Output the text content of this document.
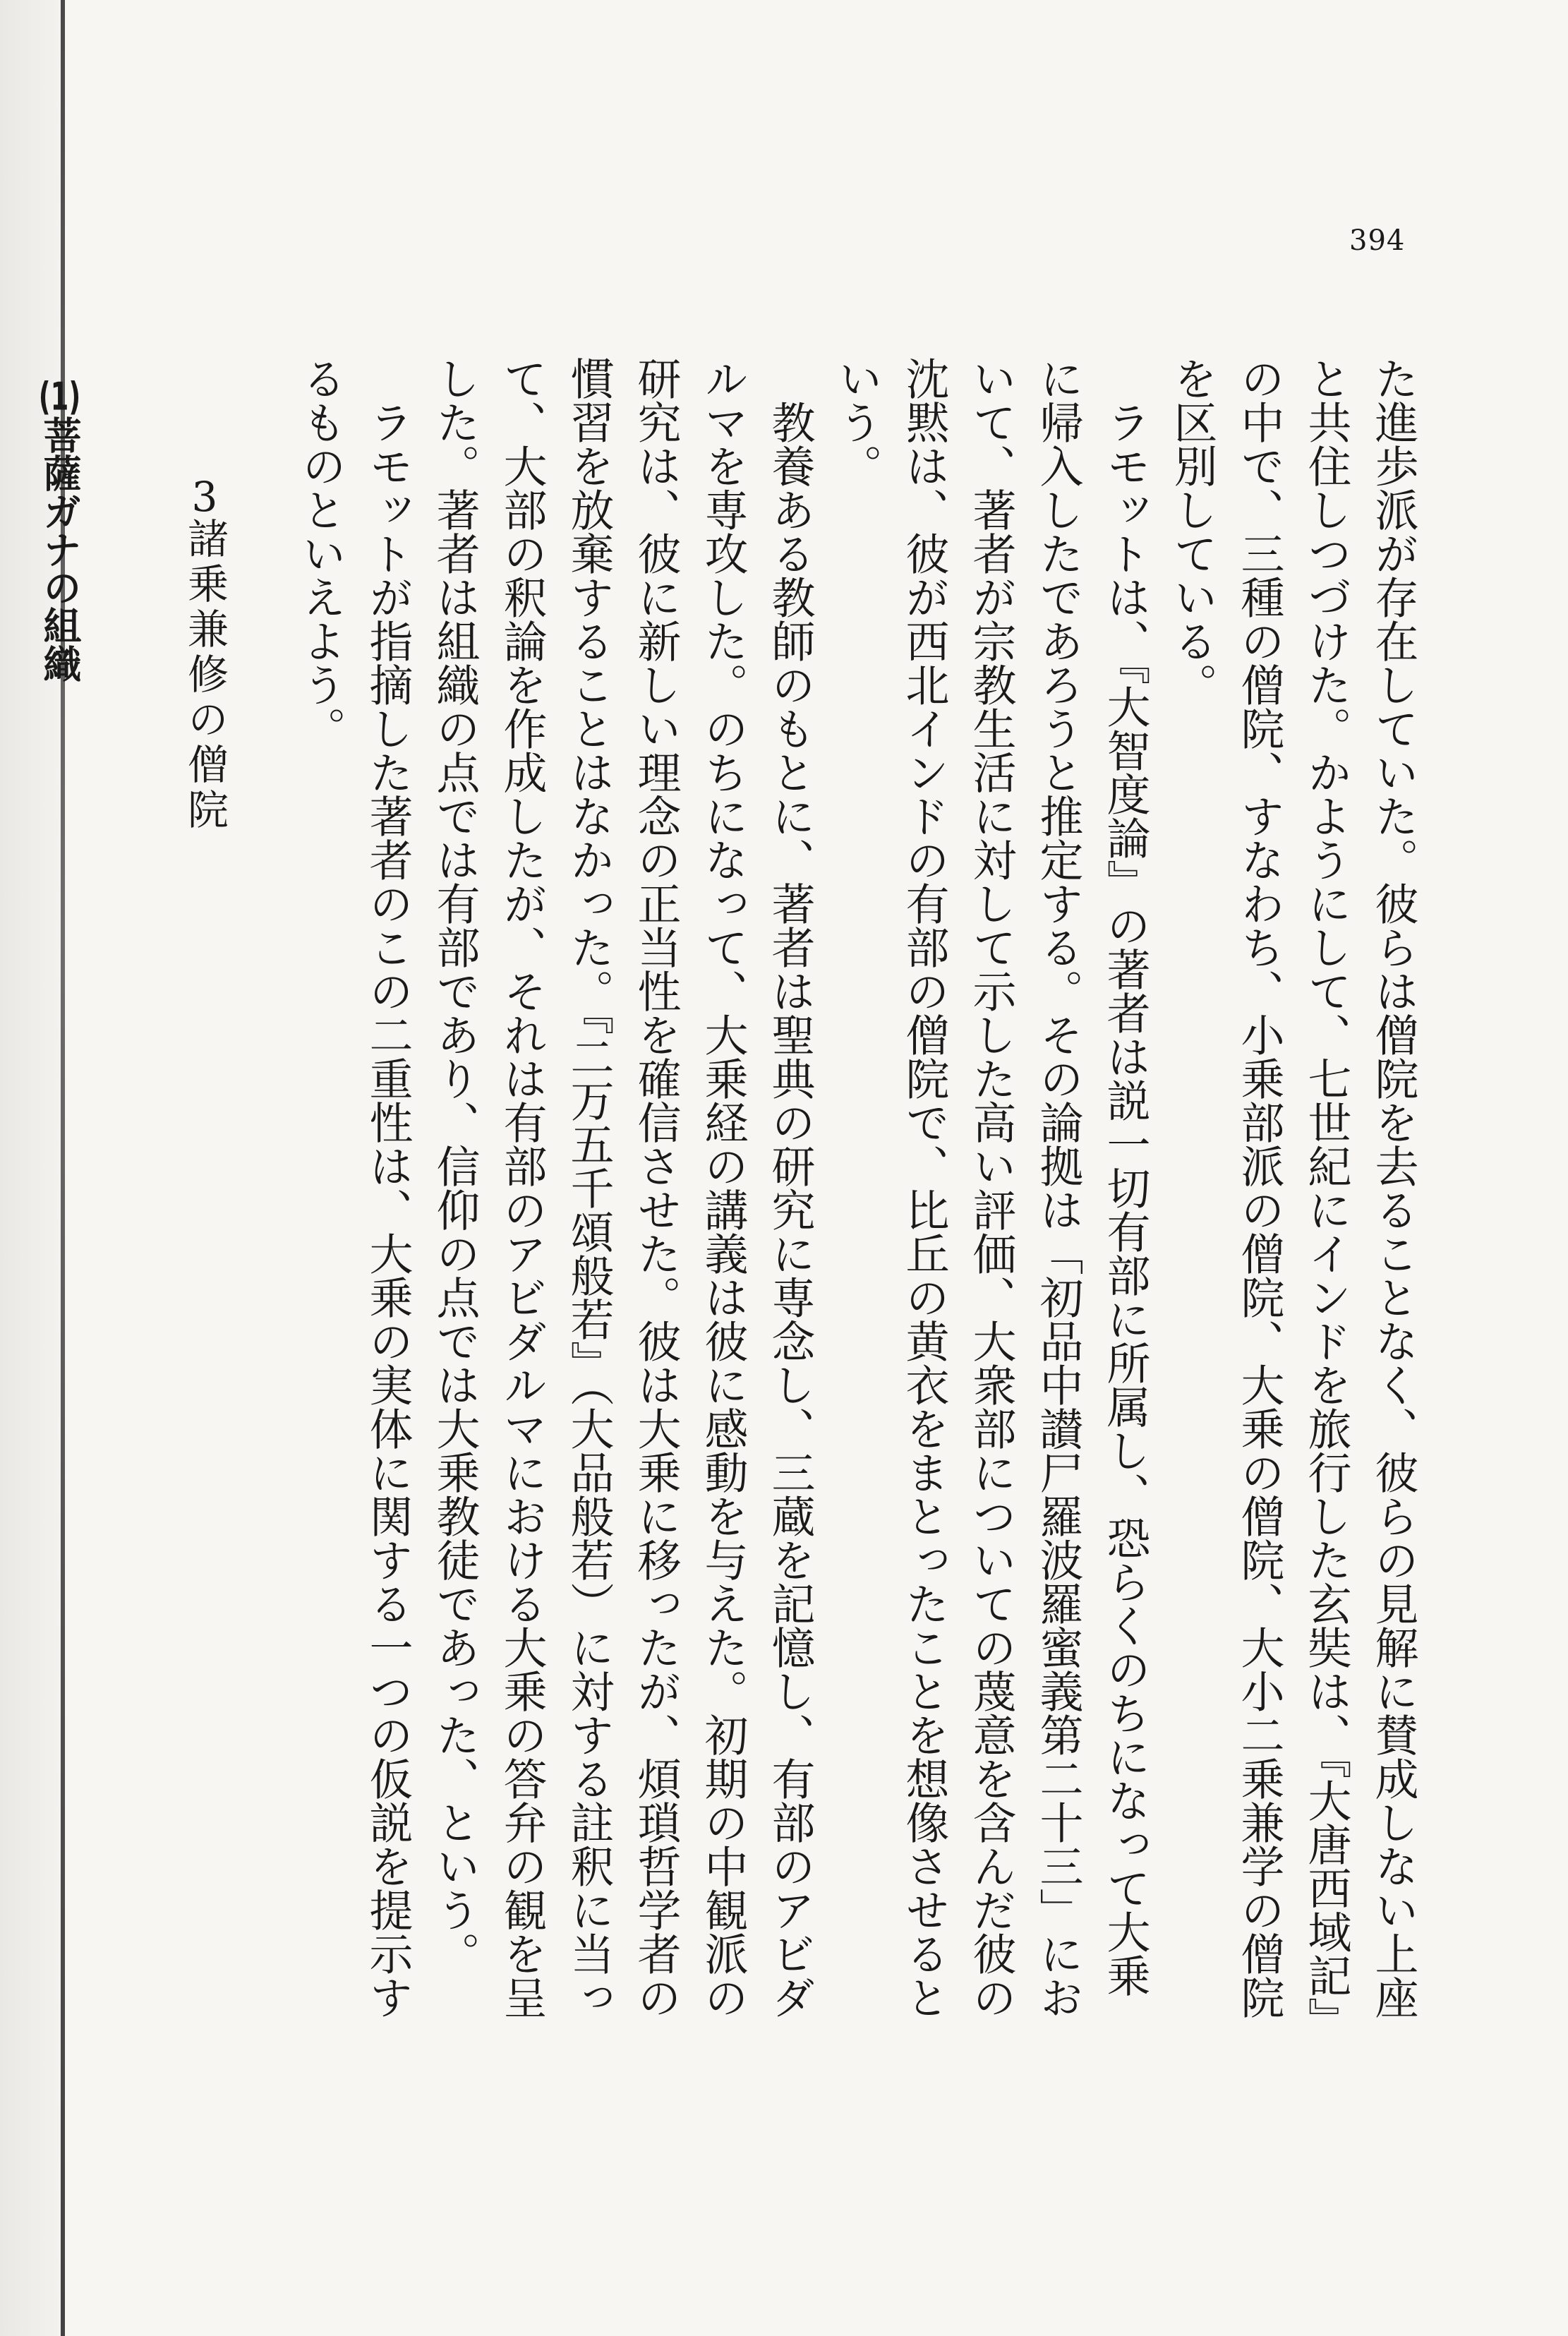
394

た進歩派が存在していた。彼らは僧院を去ることなく、彼らの見解に賛成しない上座と共住しつづけた。かようにして、七世紀にインドを旅行した玄奘は、『大唐西域記』の中で、三種の僧院、すなわち、小乗部派の僧院、大乗の僧院、大小二乗兼学の僧院を区別している。

ラモットは、『大智度論』の著者は説一切有部に所属し、恐らくのちになって大乗に帰入したであろうと推定する。その論拠は「初品中讃尸羅波羅蜜義第二十三」において、著者が宗教生活に対して示した高い評価、大衆部についての蔑意を含んだ彼の沈黙は、彼が西北インドの有部の僧院で、比丘の黄衣をまとったことを想像させるという。

教養ある教師のもとに、著者は聖典の研究に専念し、三蔵を記憶し、有部のアビダルマを専攻した。のちになって、大乗経の講義は彼に感動を与えた。初期の中観派の研究は、彼に新しい理念の正当性を確信させた。彼は大乗に移ったが、煩瑣哲学者の慣習を放棄することはなかった。『二万五千頌般若』（大品般若）に対する註釈に当って、大部の釈論を作成したが、それは有部のアビダルマにおける大乗の答弁の観を呈した。著者は組織の点では有部であり、信仰の点では大乗教徒であった、という。

ラモットが指摘した著者のこの二重性は、大乗の実体に関する一つの仮説を提示するものといえよう。

3諸乗兼修の僧院

(1)菩薩ガナの組織
